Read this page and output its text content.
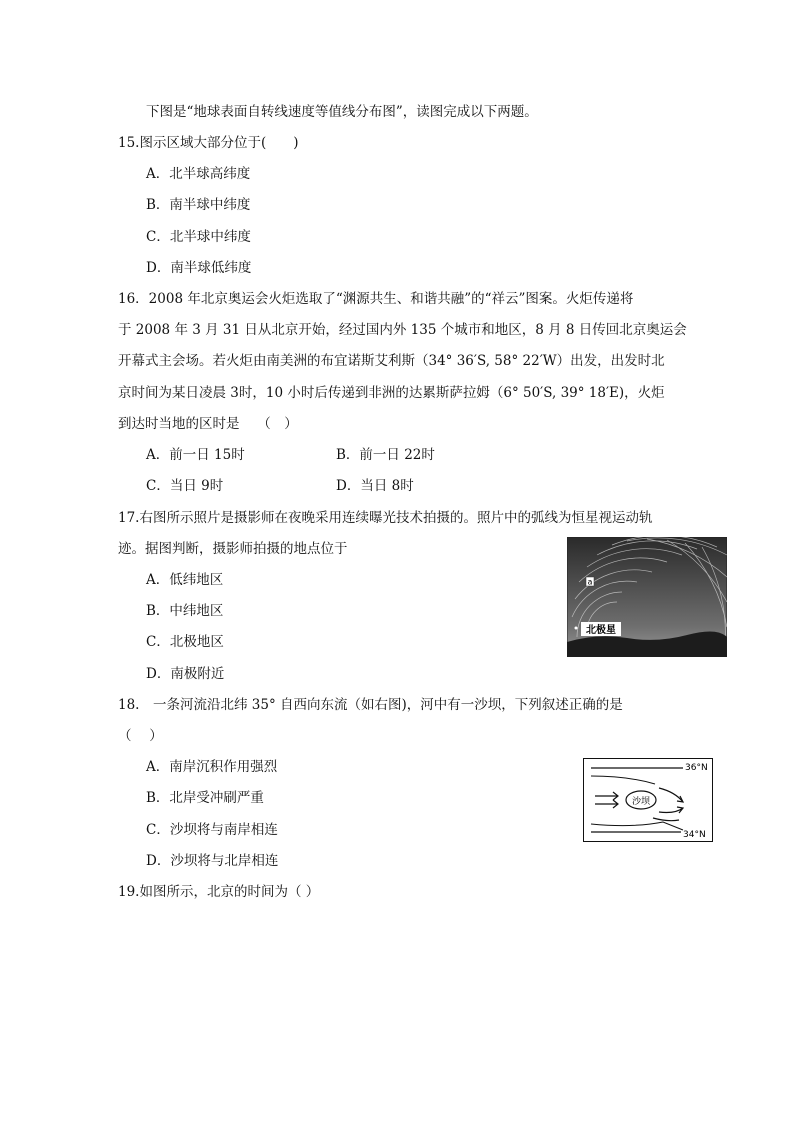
下图是“地球表面自转线速度等值线分布图”，读图完成以下两题。
15.图示区域大部分位于(　　)
A．北半球高纬度
B．南半球中纬度
C．北半球中纬度
D．南半球低纬度
16．2008 年北京奥运会火炬选取了“渊源共生、和谐共融”的“祥云”图案。火炬传递将
于 2008 年 3 月 31 日从北京开始，经过国内外 135 个城市和地区，8 月 8 日传回北京奥运会
开幕式主会场。若火炬由南美洲的布宜诺斯艾利斯（34° 36′S, 58° 22′W）出发，出发时北
京时间为某日凌晨 3时，10 小时后传递到非洲的达累斯萨拉姆（6° 50′S, 39° 18′E)，火炬
到达时当地的区时是　 （　）
A．前一日 15时	B．前一日 22时
C．当日 9时	D．当日 8时
17.右图所示照片是摄影师在夜晚采用连续曝光技术拍摄的。照片中的弧线为恒星视运动轨
迹。据图判断，摄影师拍摄的地点位于
A．低纬地区
B．中纬地区
C．北极地区
D．南极附近
a
北极星
18.　一条河流沿北纬 35° 自西向东流（如右图)，河中有一沙坝，下列叙述正确的是
（　 ）
A．南岸沉积作用强烈
B．北岸受冲刷严重
C．沙坝将与南岸相连
D．沙坝将与北岸相连
沙坝
36°N
34°N
19.如图所示，北京的时间为（ ）
